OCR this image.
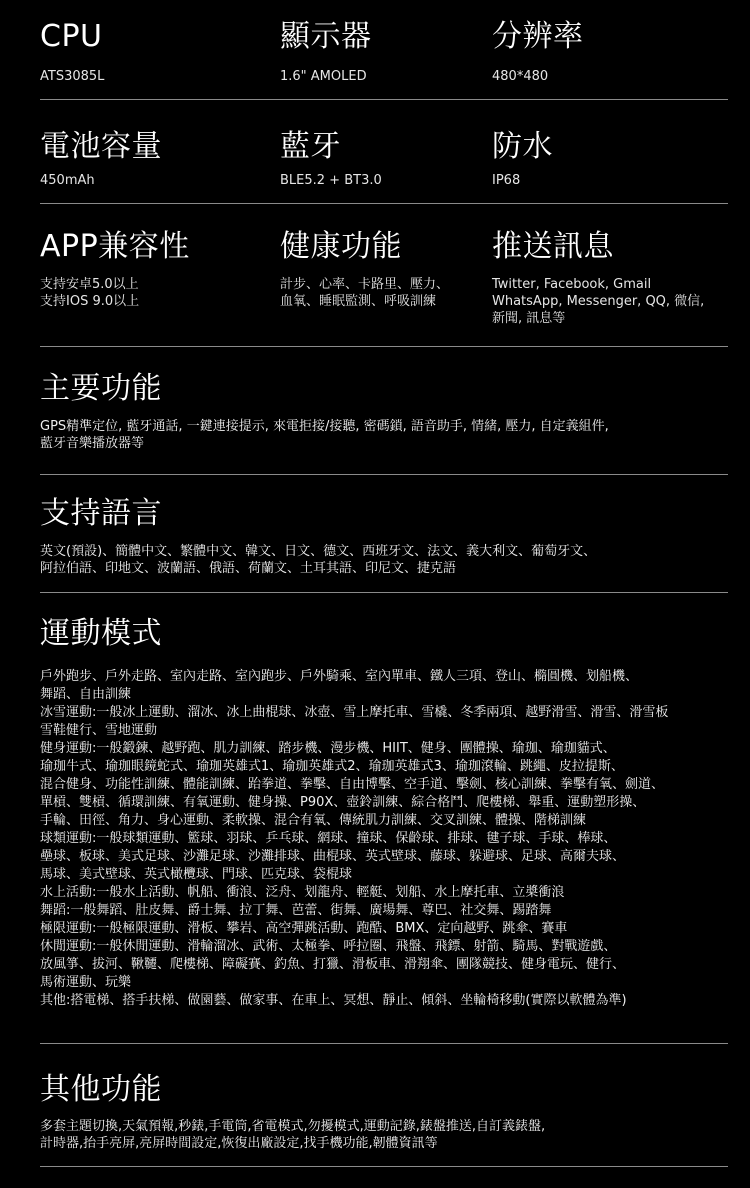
CPU
ATS3085L
顯示器
1.6" AMOLED
分辨率
480*480
電池容量
450mAh
藍牙
BLE5.2 + BT3.0
防水
IP68
APP兼容性
支持安卓5.0以上
支持IOS 9.0以上
健康功能
計步、心率、卡路里、壓力、
血氧、睡眠監測、呼吸訓練
推送訊息
Twitter, Facebook, Gmail
WhatsApp, Messenger, QQ, 微信,
新聞, 訊息等
主要功能
GPS精準定位, 藍牙通話, 一鍵連接提示, 來電拒接/接聽, 密碼鎖, 語音助手, 情緒, 壓力, 自定義組件,
藍牙音樂播放器等
支持語言
英文(預設)、簡體中文、繁體中文、韓文、日文、德文、西班牙文、法文、義大利文、葡萄牙文、
阿拉伯語、印地文、波蘭語、俄語、荷蘭文、土耳其語、印尼文、捷克語
運動模式
戶外跑步、戶外走路、室內走路、室內跑步、戶外騎乘、室內單車、鐵人三項、登山、橢圓機、划船機、
舞蹈、自由訓練
冰雪運動:一般冰上運動、溜冰、冰上曲棍球、冰壺、雪上摩托車、雪橇、冬季兩項、越野滑雪、滑雪、滑雪板
雪鞋健行、雪地運動
健身運動:一般鍛鍊、越野跑、肌力訓練、踏步機、漫步機、HIIT、健身、團體操、瑜珈、瑜珈貓式、
瑜珈牛式、瑜珈眼鏡蛇式、瑜珈英雄式1、瑜珈英雄式2、瑜珈英雄式3、瑜珈滾輪、跳繩、皮拉提斯、
混合健身、功能性訓練、體能訓練、跆拳道、拳擊、自由博擊、空手道、擊劍、核心訓練、拳擊有氧、劍道、
單槓、雙槓、循環訓練、有氧運動、健身操、P90X、壺鈴訓練、綜合格鬥、爬樓梯、舉重、運動塑形操、
手輪、田徑、角力、身心運動、柔軟操、混合有氧、傳統肌力訓練、交叉訓練、體操、階梯訓練
球類運動:一般球類運動、籃球、羽球、乒乓球、網球、撞球、保齡球、排球、毽子球、手球、棒球、
壘球、板球、美式足球、沙灘足球、沙灘排球、曲棍球、英式壁球、藤球、躲避球、足球、高爾夫球、
馬球、美式壁球、英式橄欖球、門球、匹克球、袋棍球
水上活動:一般水上活動、帆船、衝浪、泛舟、划龍舟、輕艇、划船、水上摩托車、立槳衝浪
舞蹈:一般舞蹈、肚皮舞、爵士舞、拉丁舞、芭蕾、街舞、廣場舞、尊巴、社交舞、踢踏舞
極限運動:一般極限運動、滑板、攀岩、高空彈跳活動、跑酷、BMX、定向越野、跳傘、賽車
休閒運動:一般休閒運動、滑輪溜冰、武術、太極拳、呼拉圈、飛盤、飛鏢、射箭、騎馬、對戰遊戲、
放風箏、拔河、鞦韆、爬樓梯、障礙賽、釣魚、打獵、滑板車、滑翔傘、團隊競技、健身電玩、健行、
馬術運動、玩樂
其他:搭電梯、搭手扶梯、做園藝、做家事、在車上、冥想、靜止、傾斜、坐輪椅移動(實際以軟體為準)
其他功能
多套主題切換,天氣預報,秒錶,手電筒,省電模式,勿擾模式,運動記錄,錶盤推送,自訂義錶盤,
計時器,抬手亮屏,亮屏時間設定,恢復出廠設定,找手機功能,韌體資訊等
